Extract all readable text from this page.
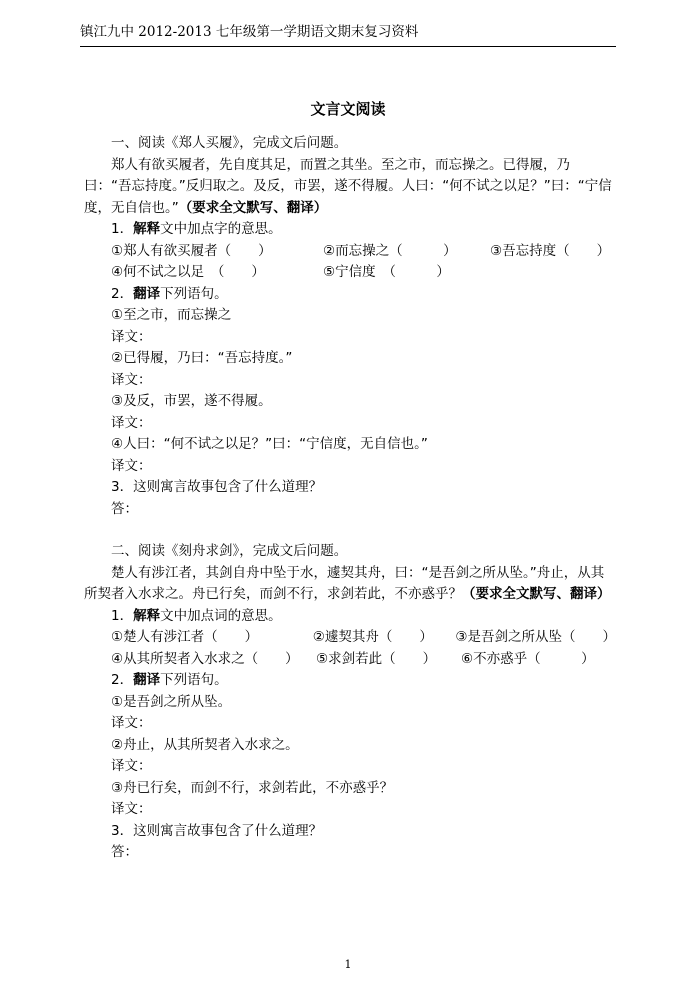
镇江九中 2012-2013 七年级第一学期语文期末复习资料
文言文阅读

一、阅读《郑人买履》，完成文后问题。

郑人有欲买履者，先自度其足，而置之其坐。至之市，而忘操之。已得履，乃曰：“吾忘持度。”反归取之。及反，市罢，遂不得履。人曰：“何不试之以足？”曰：“宁信度，无自信也。”（要求全文默写、翻译）

1．解释文中加点字的意思。

①郑人有欲买履者（　　）	②而忘操之（　　　）	③吾忘持度（　　）
④何不试之以足　（　　）	⑤宁信度　（　　　）

2．翻译下列语句。

①至之市，而忘操之

译文：

②已得履，乃曰：“吾忘持度。”

译文：

③及反，市罢，遂不得履。

译文：

④人曰：“何不试之以足？”曰：“宁信度，无自信也。”

译文：

3．这则寓言故事包含了什么道理？

答：

二、阅读《刻舟求剑》，完成文后问题。

楚人有涉江者，其剑自舟中坠于水，遽契其舟，曰：“是吾剑之所从坠。”舟止，从其所契者入水求之。舟已行矣，而剑不行，求剑若此，不亦惑乎？（要求全文默写、翻译）

1．解释文中加点词的意思。

①楚人有涉江者（　　）	②遽契其舟（　　）	③是吾剑之所从坠（　　）
④从其所契者入水求之（　　）	⑤求剑若此（　　）	⑥不亦惑乎（　　　）

2．翻译下列语句。

①是吾剑之所从坠。

译文：

②舟止，从其所契者入水求之。

译文：

③舟已行矣，而剑不行，求剑若此，不亦惑乎？

译文：

3．这则寓言故事包含了什么道理？

答：

1
